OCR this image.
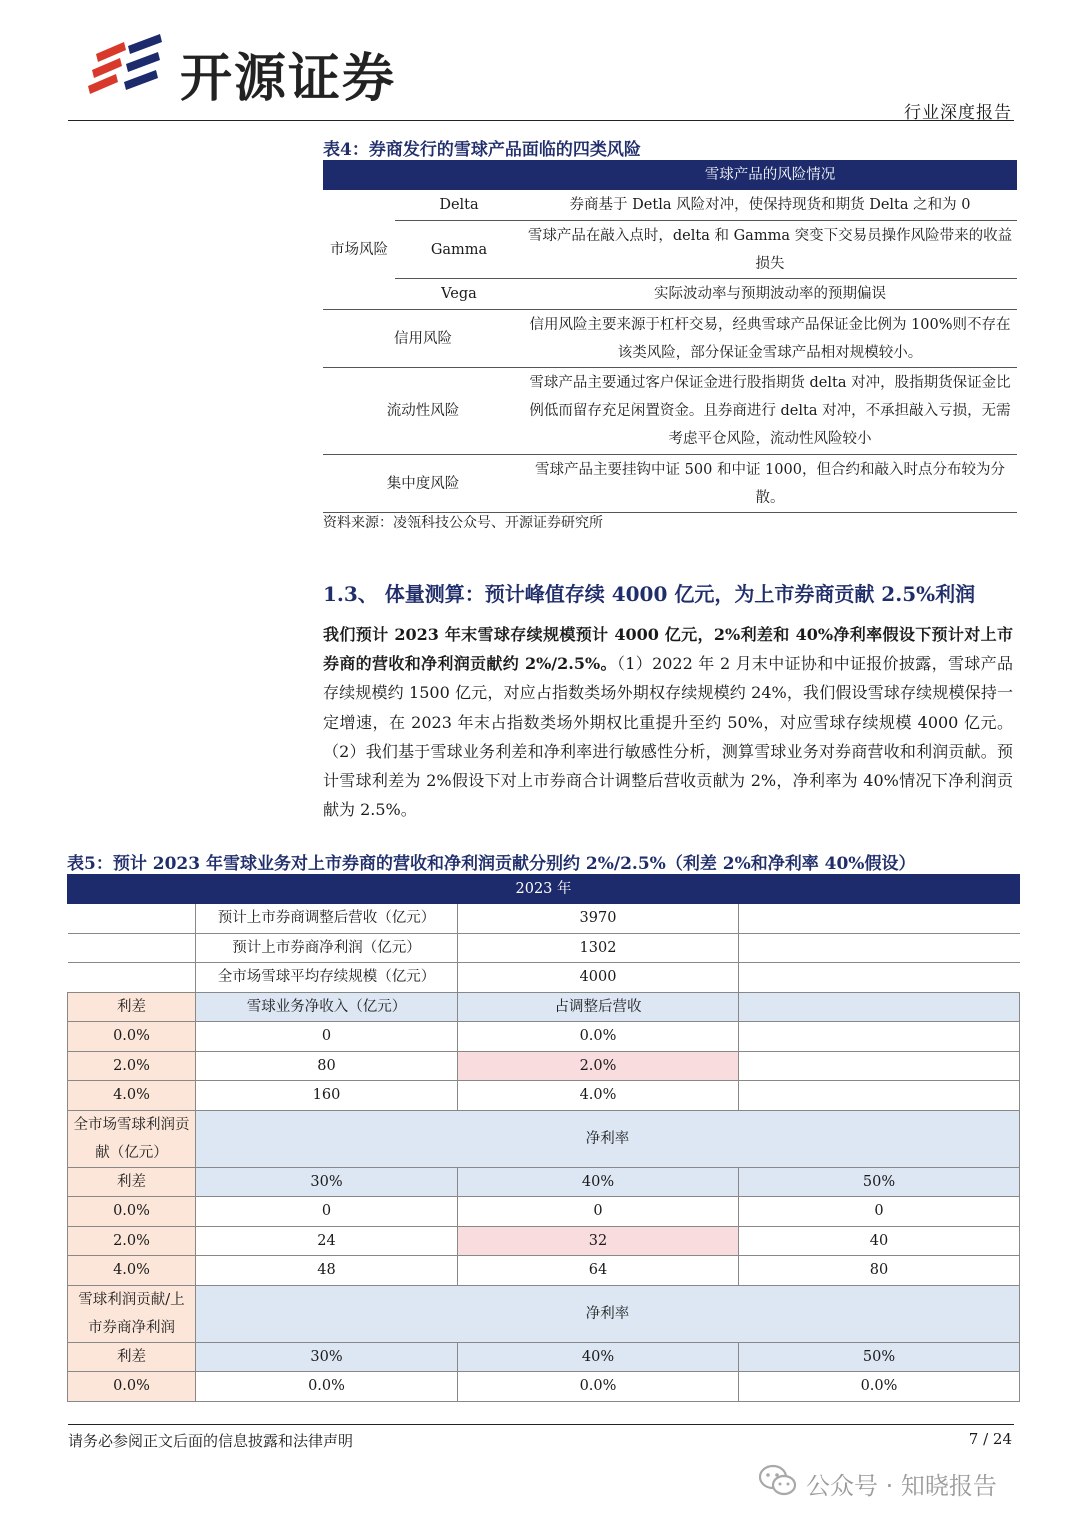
开源证券
行业深度报告
表4：券商发行的雪球产品面临的四类风险
		雪球产品的风险情况
市场风险	Delta	券商基于 Detla 风险对冲，使保持现货和期货 Delta 之和为 0
	Gamma	雪球产品在敲入点时，delta 和 Gamma 突变下交易员操作风险带来的收益损失
	Vega	实际波动率与预期波动率的预期偏误
信用风险		信用风险主要来源于杠杆交易，经典雪球产品保证金比例为 100%则不存在该类风险，部分保证金雪球产品相对规模较小。
流动性风险		雪球产品主要通过客户保证金进行股指期货 delta 对冲，股指期货保证金比例低而留存充足闲置资金。且券商进行 delta 对冲，不承担敲入亏损，无需考虑平仓风险，流动性风险较小
集中度风险		雪球产品主要挂钩中证 500 和中证 1000，但合约和敲入时点分布较为分散。
资料来源：凌瓴科技公众号、开源证券研究所
1.3、 体量测算：预计峰值存续 4000 亿元，为上市券商贡献 2.5%利润

我们预计 2023 年末雪球存续规模预计 4000 亿元，2%利差和 40%净利率假设下预计对上市券商的营收和净利润贡献约 2%/2.5%。（1）2022 年 2 月末中证协和中证报价披露，雪球产品存续规模约 1500 亿元，对应占指数类场外期权存续规模约 24%，我们假设雪球存续规模保持一定增速，在 2023 年末占指数类场外期权比重提升至约 50%，对应雪球存续规模 4000 亿元。（2）我们基于雪球业务利差和净利率进行敏感性分析，测算雪球业务对券商营收和利润贡献。预计雪球利差为 2%假设下对上市券商合计调整后营收贡献为 2%，净利率为 40%情况下净利润贡献为 2.5%。

表5：预计 2023 年雪球业务对上市券商的营收和净利润贡献分别约 2%/2.5%（利差 2%和净利率 40%假设）
2023 年			
	预计上市券商调整后营收（亿元）	3970	
	预计上市券商净利润（亿元）	1302	
	全市场雪球平均存续规模（亿元）	4000	
利差	雪球业务净收入（亿元）	占调整后营收	
0.0%	0	0.0%	
2.0%	80	2.0%	
4.0%	160	4.0%	
全市场雪球利润贡献（亿元）	净利率		
利差	30%	40%	50%
0.0%	0	0	0
2.0%	24	32	40
4.0%	48	64	80
雪球利润贡献/上市券商净利润	净利率		
利差	30%	40%	50%
0.0%	0.0%	0.0%	0.0%
请务必参阅正文后面的信息披露和法律声明	7 / 24
公众号 · 知晓报告
